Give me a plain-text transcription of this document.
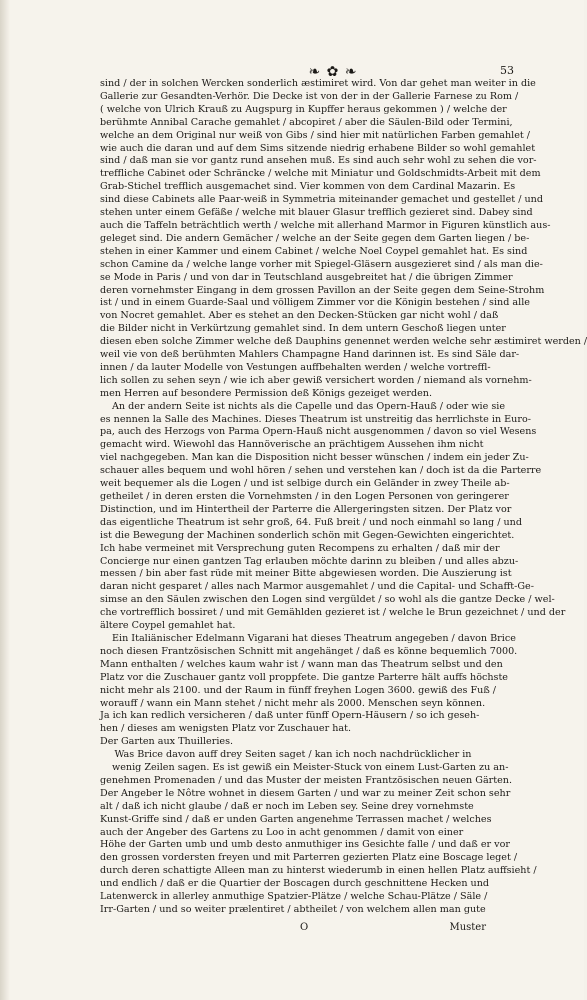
❧ ✿ ❧	53
sind / der in solchen Wercken sonderlich æstimiret wird. Von dar gehet man weiter in die
Gallerie zur Gesandten-Verhör. Die Decke ist von der in der Gallerie Farnese zu Rom /
( welche von Ulrich Krauß zu Augspurg in Kupffer heraus gekommen ) / welche der
berühmte Annibal Carache gemahlet / abcopiret / aber die Säulen-Bild oder Termini,
welche an dem Original nur weiß von Gibs / sind hier mit natürlichen Farben gemahlet /
wie auch die daran und auf dem Sims sitzende niedrig erhabene Bilder so wohl gemahlet
sind / daß man sie vor gantz rund ansehen muß. Es sind auch sehr wohl zu sehen die vor-
treffliche Cabinet oder Schräncke / welche mit Miniatur und Goldschmidts-Arbeit mit dem
Grab-Stichel trefflich ausgemachet sind. Vier kommen von dem Cardinal Mazarin. Es
sind diese Cabinets alle Paar-weiß in Symmetria miteinander gemachet und gestellet / und
stehen unter einem Gefäße / welche mit blauer Glasur trefflich gezieret sind. Dabey sind
auch die Taffeln beträchtlich werth / welche mit allerhand Marmor in Figuren künstlich aus-
geleget sind. Die andern Gemächer / welche an der Seite gegen dem Garten liegen / be-
stehen in einer Kammer und einem Cabinet / welche Noel Coypel gemahlet hat. Es sind
schon Camine da / welche lange vorher mit Spiegel-Gläsern ausgezieret sind / als man die-
se Mode in Paris / und von dar in Teutschland ausgebreitet hat / die übrigen Zimmer
deren vornehmster Eingang in dem grossen Pavillon an der Seite gegen dem Seine-Strohm
ist / und in einem Guarde-Saal und völligem Zimmer vor die Königin bestehen / sind alle
von Nocret gemahlet. Aber es stehet an den Decken-Stücken gar nicht wohl / daß
die Bilder nicht in Verkürtzung gemahlet sind. In dem untern Geschoß liegen unter
diesen eben solche Zimmer welche deß Dauphins genennet werden welche sehr æstimiret werden /
weil vie von deß berühmten Mahlers Champagne Hand darinnen ist. Es sind Säle dar-
innen / da lauter Modelle von Vestungen auffbehalten werden / welche vortreffl-
lich sollen zu sehen seyn / wie ich aber gewiß versichert worden / niemand als vornehm-
men Herren auf besondere Permission deß Königs gezeiget werden.
An der andern Seite ist nichts als die Capelle und das Opern-Hauß / oder wie sie
es nennen la Salle des Machines. Dieses Theatrum ist unstreitig das herrlichste in Euro-
pa, auch des Herzogs von Parma Opern-Hauß nicht ausgenommen / davon so viel Wesens
gemacht wird. Wiewohl das Hannöverische an prächtigem Aussehen ihm nicht
viel nachgegeben. Man kan die Disposition nicht besser wünschen / indem ein jeder Zu-
schauer alles bequem und wohl hören / sehen und verstehen kan / doch ist da die Parterre
weit bequemer als die Logen / und ist selbige durch ein Geländer in zwey Theile ab-
getheilet / in deren ersten die Vornehmsten / in den Logen Personen von geringerer
Distinction, und im Hintertheil der Parterre die Allergeringsten sitzen. Der Platz vor
das eigentliche Theatrum ist sehr groß, 64. Fuß breit / und noch einmahl so lang / und
ist die Bewegung der Machinen sonderlich schön mit Gegen-Gewichten eingerichtet.
Ich habe vermeinet mit Versprechung guten Recompens zu erhalten / daß mir der
Concierge nur einen gantzen Tag erlauben möchte darinn zu bleiben / und alles abzu-
messen / bin aber fast rüde mit meiner Bitte abgewiesen worden. Die Auszierung ist
daran nicht gesparet / alles nach Marmor ausgemahlet / und die Capital- und Schafft-Ge-
simse an den Säulen zwischen den Logen sind vergüldet / so wohl als die gantze Decke / wel-
che vortrefflich bossiret / und mit Gemählden gezieret ist / welche le Brun gezeichnet / und der
ältere Coypel gemahlet hat.
Ein Italiänischer Edelmann Vigarani hat dieses Theatrum angegeben / davon Brice
noch diesen Frantzösischen Schnitt mit angehänget / daß es könne bequemlich 7000.
Mann enthalten / welches kaum wahr ist / wann man das Theatrum selbst und den
Platz vor die Zuschauer gantz voll proppfete. Die gantze Parterre hält auffs höchste
nicht mehr als 2100. und der Raum in fünff freyhen Logen 3600. gewiß des Fuß /
worauff / wann ein Mann stehet / nicht mehr als 2000. Menschen seyn können.
Ja ich kan redlich versicheren / daß unter fünff Opern-Häusern / so ich geseh-
hen / dieses am wenigsten Platz vor Zuschauer hat.
Der Garten aux Thuilleries.
Was Brice davon auff drey Seiten saget / kan ich noch nachdrücklicher in
wenig Zeilen sagen. Es ist gewiß ein Meister-Stuck von einem Lust-Garten zu an-
genehmen Promenaden / und das Muster der meisten Frantzösischen neuen Gärten.
Der Angeber le Nôtre wohnet in diesem Garten / und war zu meiner Zeit schon sehr
alt / daß ich nicht glaube / daß er noch im Leben sey. Seine drey vornehmste
Kunst-Griffe sind / daß er unden Garten angenehme Terrassen machet / welches
auch der Angeber des Gartens zu Loo in acht genommen / damit von einer
Höhe der Garten umb und umb desto anmuthiger ins Gesichte falle / und daß er vor
den grossen vordersten freyen und mit Parterren gezierten Platz eine Boscage leget /
durch deren schattigte Alleen man zu hinterst wiederumb in einen hellen Platz auffsieht /
und endlich / daß er die Quartier der Boscagen durch geschnittene Hecken und
Latenwerck in allerley anmuthige Spatzier-Plätze / welche Schau-Plätze / Säle /
Irr-Garten / und so weiter prælentiret / abtheilet / von welchem allen man gute
O	Muster
